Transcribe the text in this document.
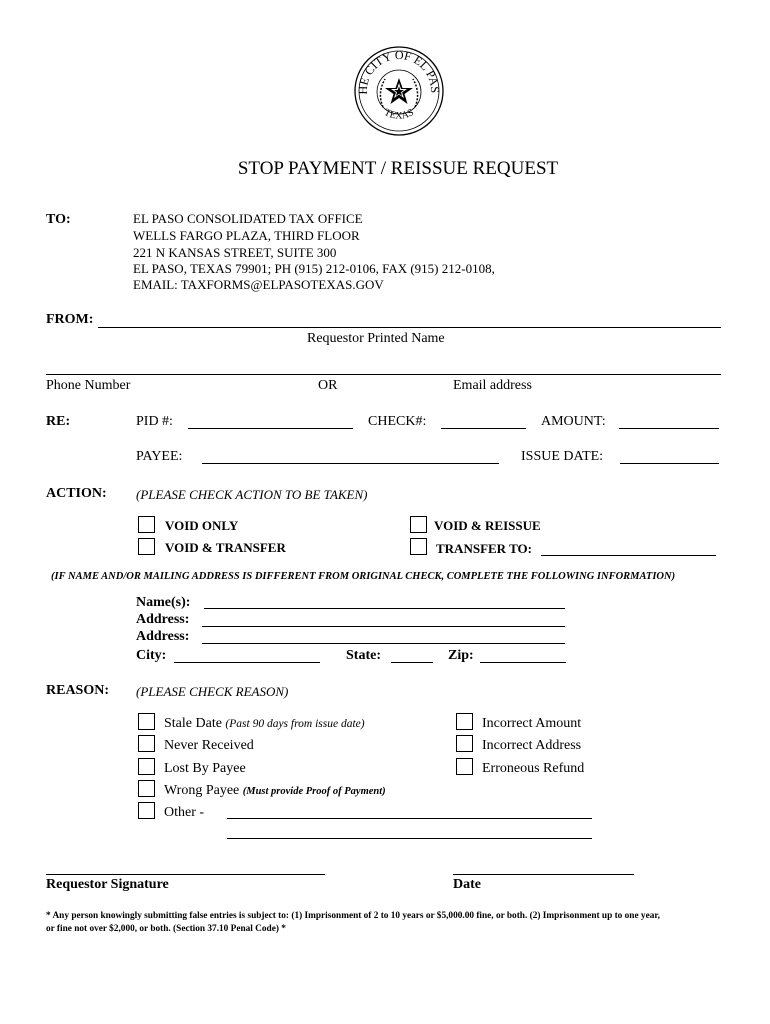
HE CITY OF EL PAS
TEXAS
STOP PAYMENT / REISSUE REQUEST
TO:	EL PASO CONSOLIDATED TAX OFFICE
WELLS FARGO PLAZA, THIRD FLOOR
221 N KANSAS STREET, SUITE 300
EL PASO, TEXAS 79901; PH (915) 212-0106, FAX (915) 212-0108,
EMAIL: TAXFORMS@ELPASOTEXAS.GOV
FROM:
Requestor Printed Name
Phone Number	OR	Email address
RE:	PID #:	CHECK#:	AMOUNT:
PAYEE:	ISSUE DATE:
ACTION: (PLEASE CHECK ACTION TO BE TAKEN)
VOID ONLY
VOID & TRANSFER
VOID & REISSUE
TRANSFER TO:
(IF NAME AND/OR MAILING ADDRESS IS DIFFERENT FROM ORIGINAL CHECK, COMPLETE THE FOLLOWING INFORMATION)
Name(s):
Address:
Address:
City:	State:	Zip:
REASON: (PLEASE CHECK REASON)
Stale Date (Past 90 days from issue date)
Never Received
Lost By Payee
Wrong Payee (Must provide Proof of Payment)
Other -
Incorrect Amount
Incorrect Address
Erroneous Refund
Requestor Signature	Date
* Any person knowingly submitting false entries is subject to: (1) Imprisonment of 2 to 10 years or $5,000.00 fine, or both. (2) Imprisonment up to one year,
or fine not over $2,000, or both. (Section 37.10 Penal Code) *
